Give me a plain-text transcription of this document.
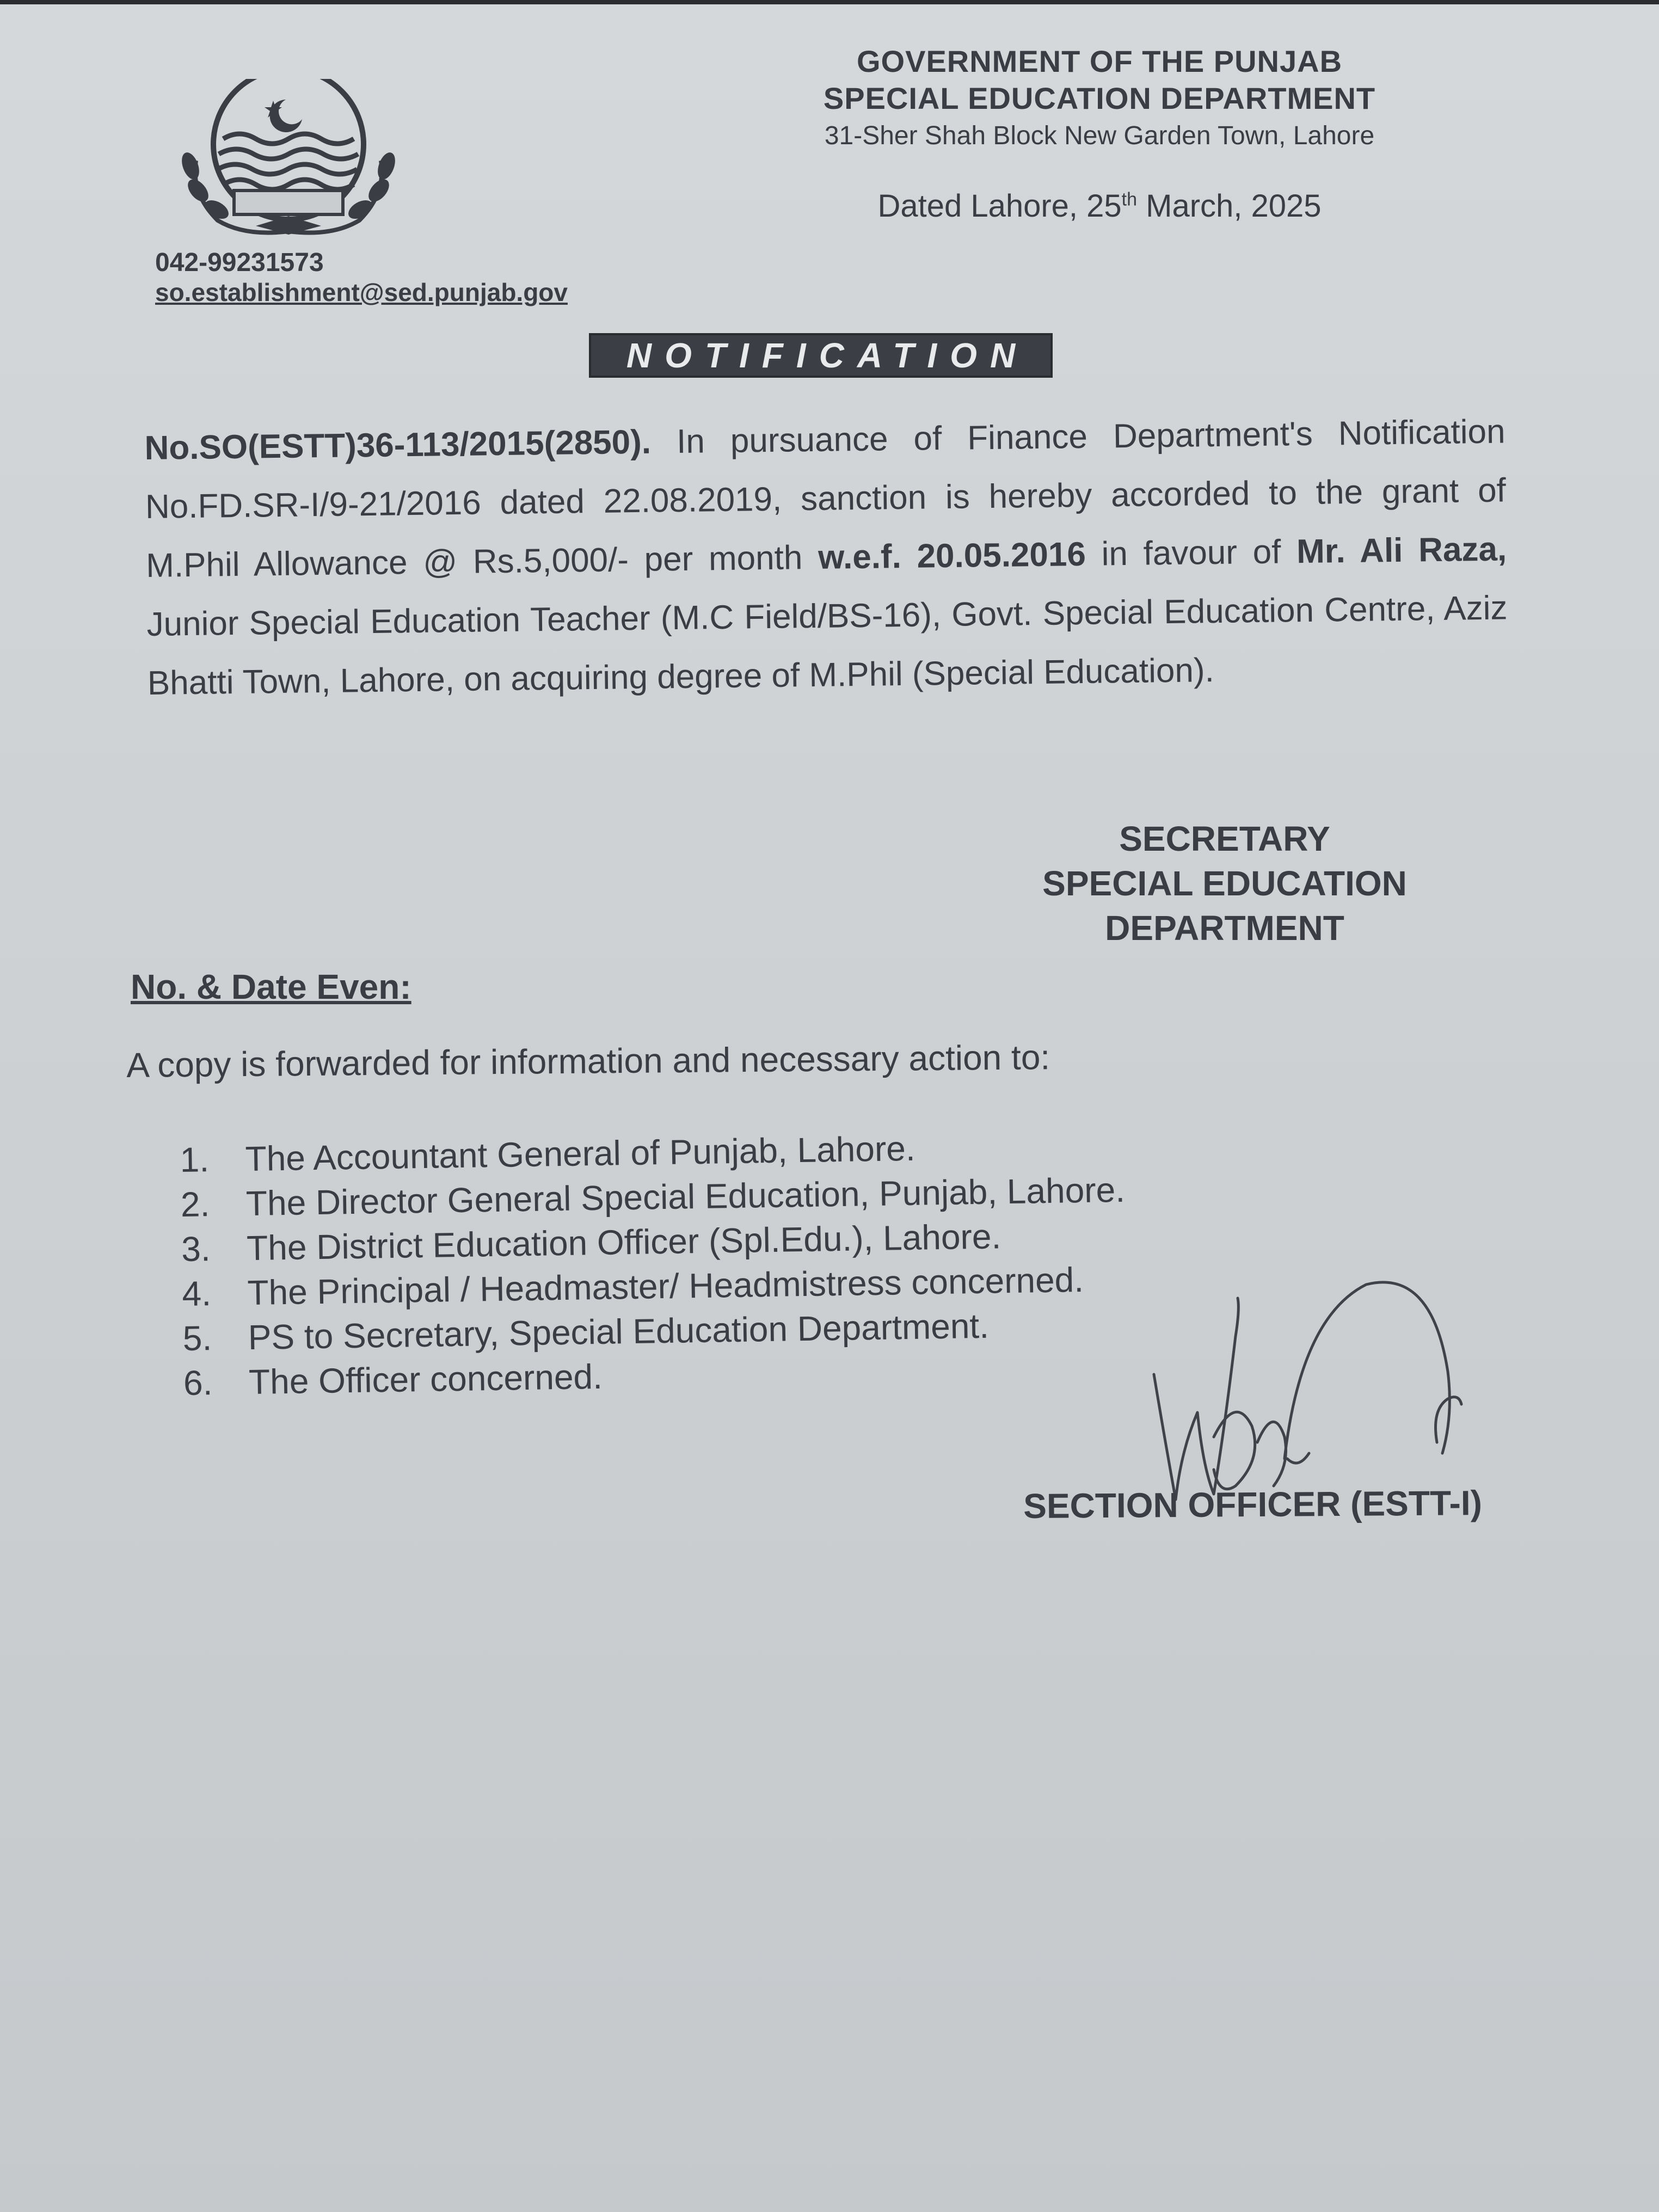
GOVERNMENT OF THE PUNJAB
SPECIAL EDUCATION DEPARTMENT
31-Sher Shah Block New Garden Town, Lahore
Dated Lahore, 25th March, 2025
042-99231573
so.establishment@sed.punjab.gov
NOTIFICATION
No.SO(ESTT)36-113/2015(2850). In pursuance of Finance Department's Notification No.FD.SR-I/9-21/2016 dated 22.08.2019, sanction is hereby accorded to the grant of M.Phil Allowance @ Rs.5,000/- per month w.e.f. 20.05.2016 in favour of Mr. Ali Raza, Junior Special Education Teacher (M.C Field/BS-16), Govt. Special Education Centre, Aziz Bhatti Town, Lahore, on acquiring degree of M.Phil (Special Education).
SECRETARY
SPECIAL EDUCATION
DEPARTMENT
No. & Date Even:
A copy is forwarded for information and necessary action to:
1.	The Accountant General of Punjab, Lahore.
2.	The Director General Special Education, Punjab, Lahore.
3.	The District Education Officer (Spl.Edu.), Lahore.
4.	The Principal / Headmaster/ Headmistress concerned.
5.	PS to Secretary, Special Education Department.
6.	The Officer concerned.
SECTION OFFICER (ESTT-I)
